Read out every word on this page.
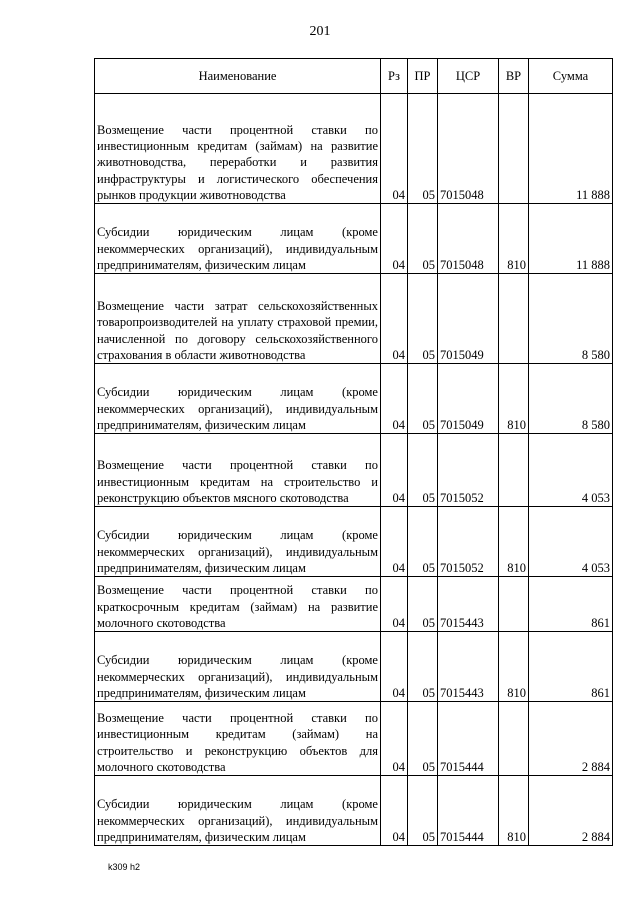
201
Наименование	Рз	ПР	ЦСР	ВР	Сумма
Возмещение части процентной ставки по инвестиционным кредитам (займам) на развитие животноводства, переработки и развития инфраструктуры и логистического обеспечения рынков продукции животноводства	04	05	7015048		11 888
Субсидии юридическим лицам (кроме некоммерческих организаций), индивидуальным предпринимателям, физическим лицам	04	05	7015048	810	11 888
Возмещение части затрат сельскохозяйственных товаропроизводителей на уплату страховой премии, начисленной по договору сельскохозяйственного страхования в области животноводства	04	05	7015049		8 580
Субсидии юридическим лицам (кроме некоммерческих организаций), индивидуальным предпринимателям, физическим лицам	04	05	7015049	810	8 580
Возмещение части процентной ставки по инвестиционным кредитам на строительство и реконструкцию объектов мясного скотоводства	04	05	7015052		4 053
Субсидии юридическим лицам (кроме некоммерческих организаций), индивидуальным предпринимателям, физическим лицам	04	05	7015052	810	4 053
Возмещение части процентной ставки по краткосрочным кредитам (займам) на развитие молочного скотоводства	04	05	7015443		861
Субсидии юридическим лицам (кроме некоммерческих организаций), индивидуальным предпринимателям, физическим лицам	04	05	7015443	810	861
Возмещение части процентной ставки по инвестиционным кредитам (займам) на строительство и реконструкцию объектов для молочного скотоводства	04	05	7015444		2 884
Субсидии юридическим лицам (кроме некоммерческих организаций), индивидуальным предпринимателям, физическим лицам	04	05	7015444	810	2 884
k309 h2
